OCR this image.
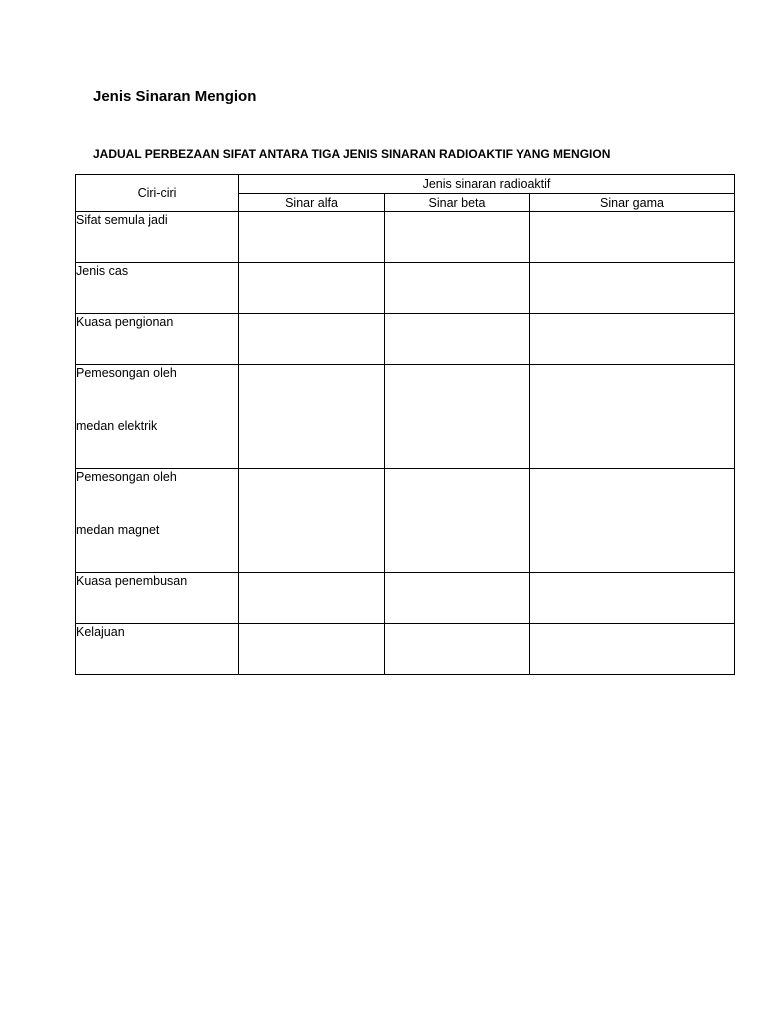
Jenis Sinaran Mengion
JADUAL PERBEZAAN SIFAT ANTARA TIGA JENIS SINARAN RADIOAKTIF YANG MENGION
Ciri-ciri	Jenis sinaran radioaktif		
	Sinar alfa	Sinar beta	Sinar gama

Sifat semula jadi			

Jenis cas			

Kuasa pengionan			

Pemesongan oleh
medan elektrik			

Pemesongan oleh
medan magnet			

Kuasa penembusan			

Kelajuan			
